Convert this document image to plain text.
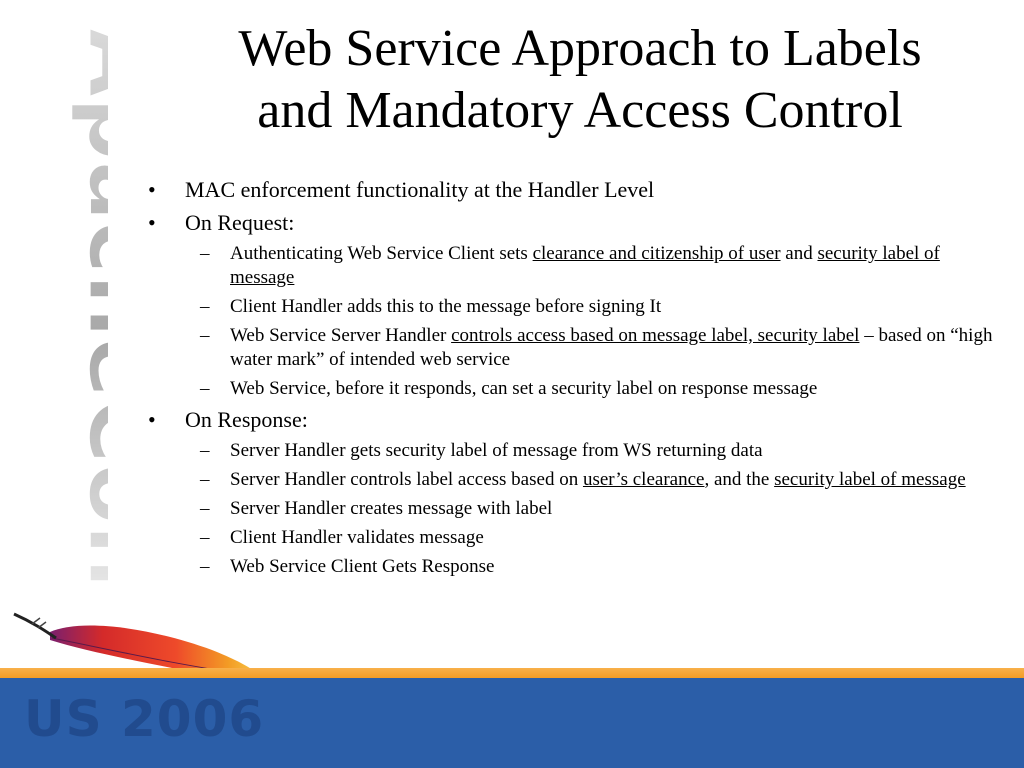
ApacheCon
US 2006
Web Service Approach to Labels
and Mandatory Access Control
•	MAC enforcement functionality at the Handler Level
•	On Request:
– Authenticating Web Service Client sets clearance and citizenship of user and security label of message
– Client Handler adds this to the message before signing It
– Web Service Server Handler controls access based on message label, security label – based on “high water mark” of intended web service
– Web Service, before it responds, can set a security label on response message
•	On Response:
– Server Handler gets security label of message from WS returning data
– Server Handler controls label access based on user’s clearance, and the security label of message
– Server Handler creates message with label
– Client Handler validates message
– Web Service Client Gets Response
